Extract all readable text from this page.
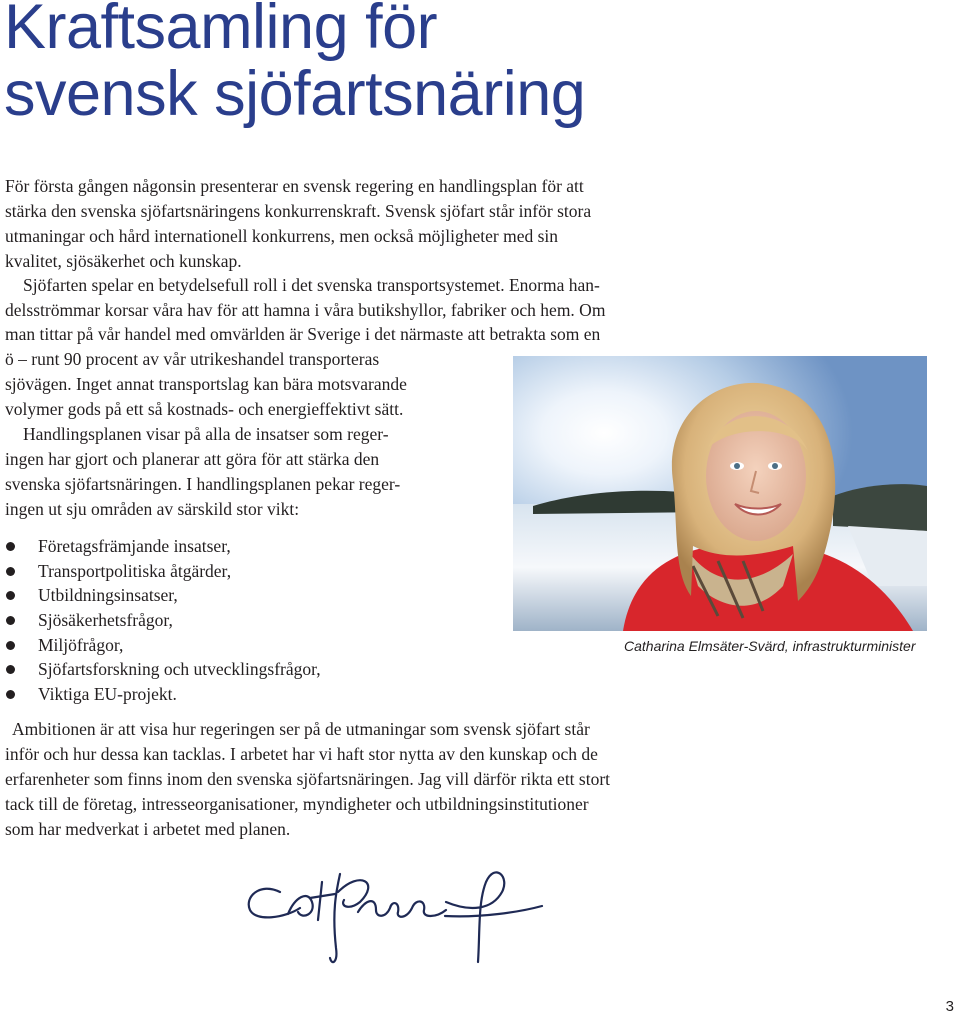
Kraftsamling för
svensk sjöfartsnäring
För första gången någonsin presenterar en svensk regering en handlingsplan för att
stärka den svenska sjöfartsnäringens konkurrenskraft. Svensk sjöfart står inför stora
utmaningar och hård internationell konkurrens, men också möjligheter med sin
kvalitet, sjösäkerhet och kunskap.
Sjöfarten spelar en betydelsefull roll i det svenska transportsystemet. Enorma han-
delsströmmar korsar våra hav för att hamna i våra butikshyllor, fabriker och hem. Om
man tittar på vår handel med omvärlden är Sverige i det närmaste att betrakta som en
ö – runt 90 procent av vår utrikeshandel transporteras
sjövägen. Inget annat transportslag kan bära motsvarande
volymer gods på ett så kostnads- och energieffektivt sätt.
Handlingsplanen visar på alla de insatser som reger-
ingen har gjort och planerar att göra för att stärka den
svenska sjöfartsnäringen. I handlingsplanen pekar reger-
ingen ut sju områden av särskild stor vikt:
Företagsfrämjande insatser,
Transportpolitiska åtgärder,
Utbildningsinsatser,
Sjösäkerhetsfrågor,
Miljöfrågor,
Sjöfartsforskning och utvecklingsfrågor,
Viktiga EU-projekt.
Catharina Elmsäter-Svärd, infrastrukturminister
Ambitionen är att visa hur regeringen ser på de utmaningar som svensk sjöfart står
inför och hur dessa kan tacklas. I arbetet har vi haft stor nytta av den kunskap och de
erfarenheter som finns inom den svenska sjöfartsnäringen. Jag vill därför rikta ett stort
tack till de företag, intresseorganisationer, myndigheter och utbildningsinstitutioner
som har medverkat i arbetet med planen.
3
